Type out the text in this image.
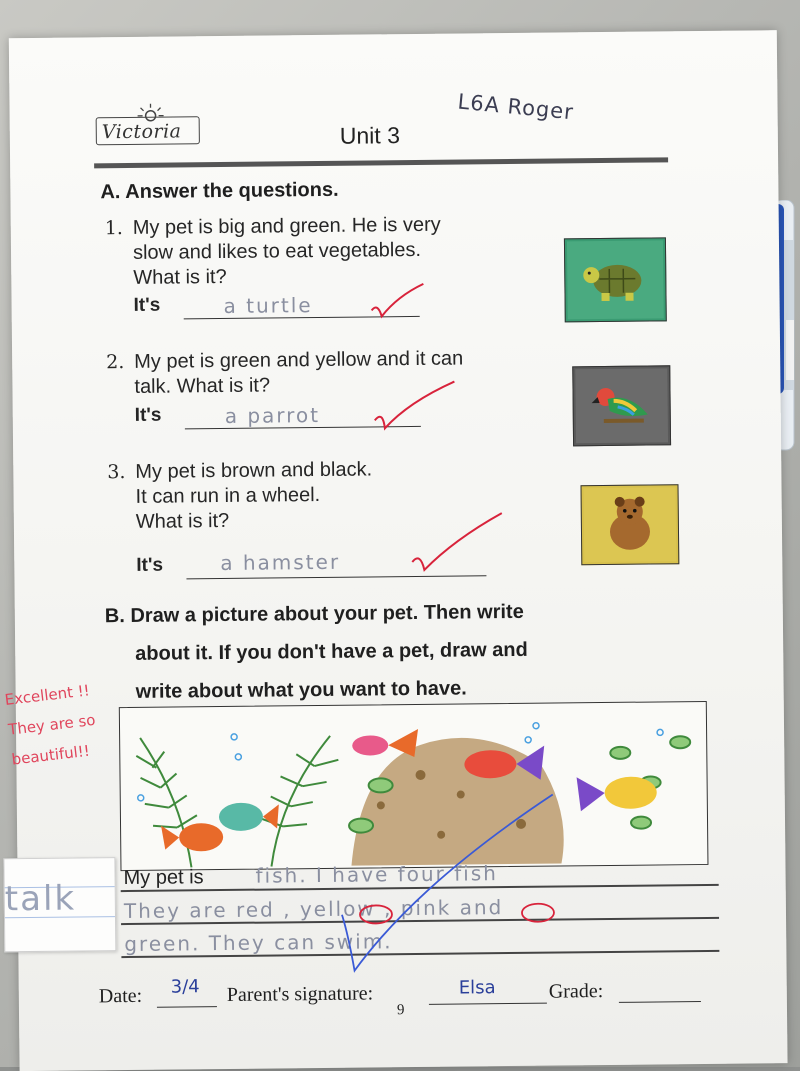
Victoria	Unit 3
L6A Roger
A. Answer the questions.
1. My pet is big and green. He is very
slow and likes to eat vegetables.
What is it?
It's	a turtle
2. My pet is green and yellow and it can
talk. What is it?
It's	a parrot
3. My pet is brown and black.
It can run in a wheel.
What is it?
It's	a hamster
B. Draw a picture about your pet. Then write
about it. If you don't have a pet, draw and
write about what you want to have.
Excellent !!
They are so
beautiful!!
talk
My pet is	fish. I have four fish
They are red , yellow , pink and
green. They can swim.
Date: 3/4 Parent's signature:	Elsa	Grade:
9
